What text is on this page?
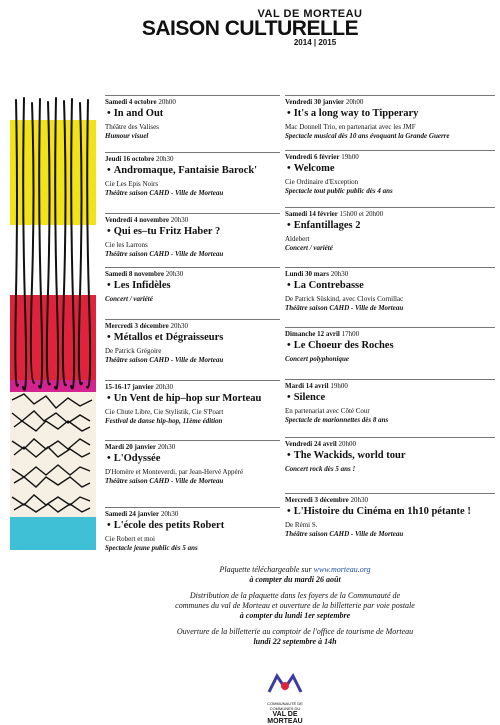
VAL DE MORTEAU
SAISON CULTURELLE
2014 | 2015
Samedi 4 octobre 20h00
• In and Out
Théâtre des Valises
Humour visuel
Jeudi 16 octobre 20h30
• Andromaque, Fantaisie Barock'
Cie Les Epis Noirs
Théâtre saison CAHD - Ville de Morteau
Vendredi 4 novembre 20h30
• Qui es–tu Fritz Haber ?
Cie les Larrons
Théâtre saison CAHD - Ville de Morteau
Samedi 8 novembre 20h30
• Les Infidèles
Concert / variété
Mercredi 3 décembre 20h30
• Métallos et Dégraisseurs
De Patrick Grégoire
Théâtre saison CAHD - Ville de Morteau
15-16-17 janvier 20h30
• Un Vent de hip–hop sur Morteau
Cie Chute Libre, Cie Stylistik, Cie S'Poart
Festival de danse hip-hop, 11ème édition
Mardi 20 janvier 20h30
• L'Odyssée
D'Homère et Monteverdi, par Jean-Hervé Appéré
Théâtre saison CAHD - Ville de Morteau
Samedi 24 janvier 20h30
• L'école des petits Robert
Cie Robert et moi
Spectacle jeune public dès 5 ans
Vendredi 30 janvier 20h00
• It's a long way to Tipperary
Mac Donnell Trio, en partenariat avec les JMF
Spectacle musical dès 10 ans évoquant la Grande Guerre
Vendredi 6 février 19h00
• Welcome
Cie Ordinaire d'Exception
Spectacle tout public public dès 4 ans
Samedi 14 février 15h00 et 20h00
• Enfantillages 2
Aldebert
Concert / variété
Lundi 30 mars 20h30
• La Contrebasse
De Patrick Süskind, avec Clovis Cornillac
Théâtre saison CAHD - Ville de Morteau
Dimanche 12 avril 17h00
• Le Choeur des Roches
Concert polyphonique
Mardi 14 avril 19h00
• Silence
En partenariat avec Côté Cour
Spectacle de marionnettes dès 8 ans
Vendredi 24 avril 20h00
• The Wackids, world tour
Concert rock dès 5 ans !
Mercredi 3 décembre 20h30
• L'Histoire du Cinéma en 1h10 pétante !
De Rémi S.
Théâtre saison CAHD - Ville de Morteau
Plaquette téléchargeable sur www.morteau.org
à compter du mardi 26 août
Distribution de la plaquette dans les foyers de la Communauté de
communes du val de Morteau et ouverture de la billetterie par voie postale
à compter du lundi 1er septembre
Ouverture de la billetterie au comptoir de l'office de tourisme de Morteau
lundi 22 septembre à 14h
COMMUNAUTÉ DE COMMUNES DU
VAL DE MORTEAU
